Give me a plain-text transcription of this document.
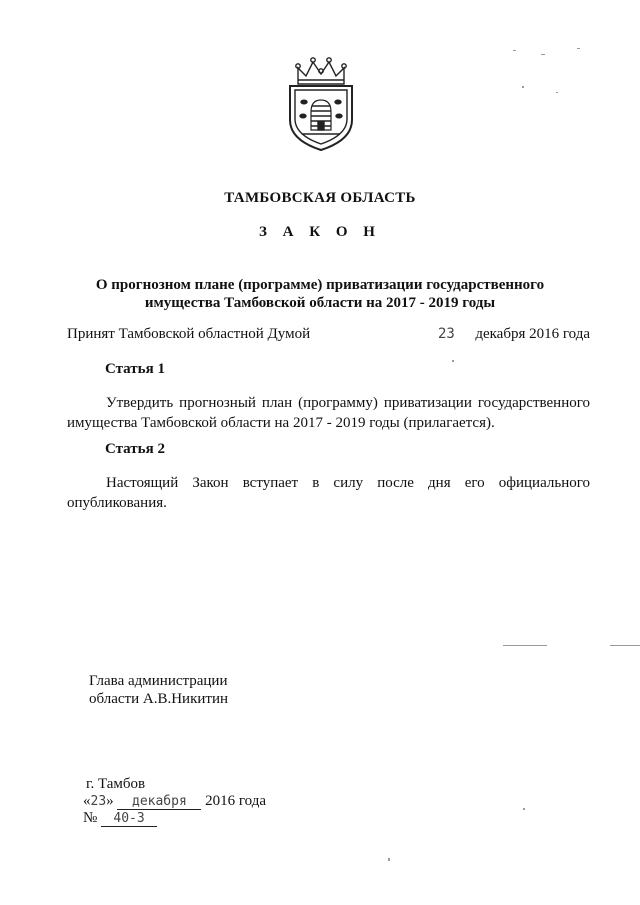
ТАМБОВСКАЯ ОБЛАСТЬ
З А К О Н
О прогнозном плане (программе) приватизации государственного имущества Тамбовской области на 2017 - 2019 годы
Принят Тамбовской областной Думой	23 декабря 2016 года
Статья 1
Утвердить прогнозный план (программу) приватизации государственного имущества Тамбовской области на 2017 - 2019 годы (прилагается).
Статья 2
Настоящий Закон вступает в силу после дня его официального опубликования.
Глава администрации
области А.В.Никитин
г. Тамбов
«23» декабря 2016 года
№ 40-З
